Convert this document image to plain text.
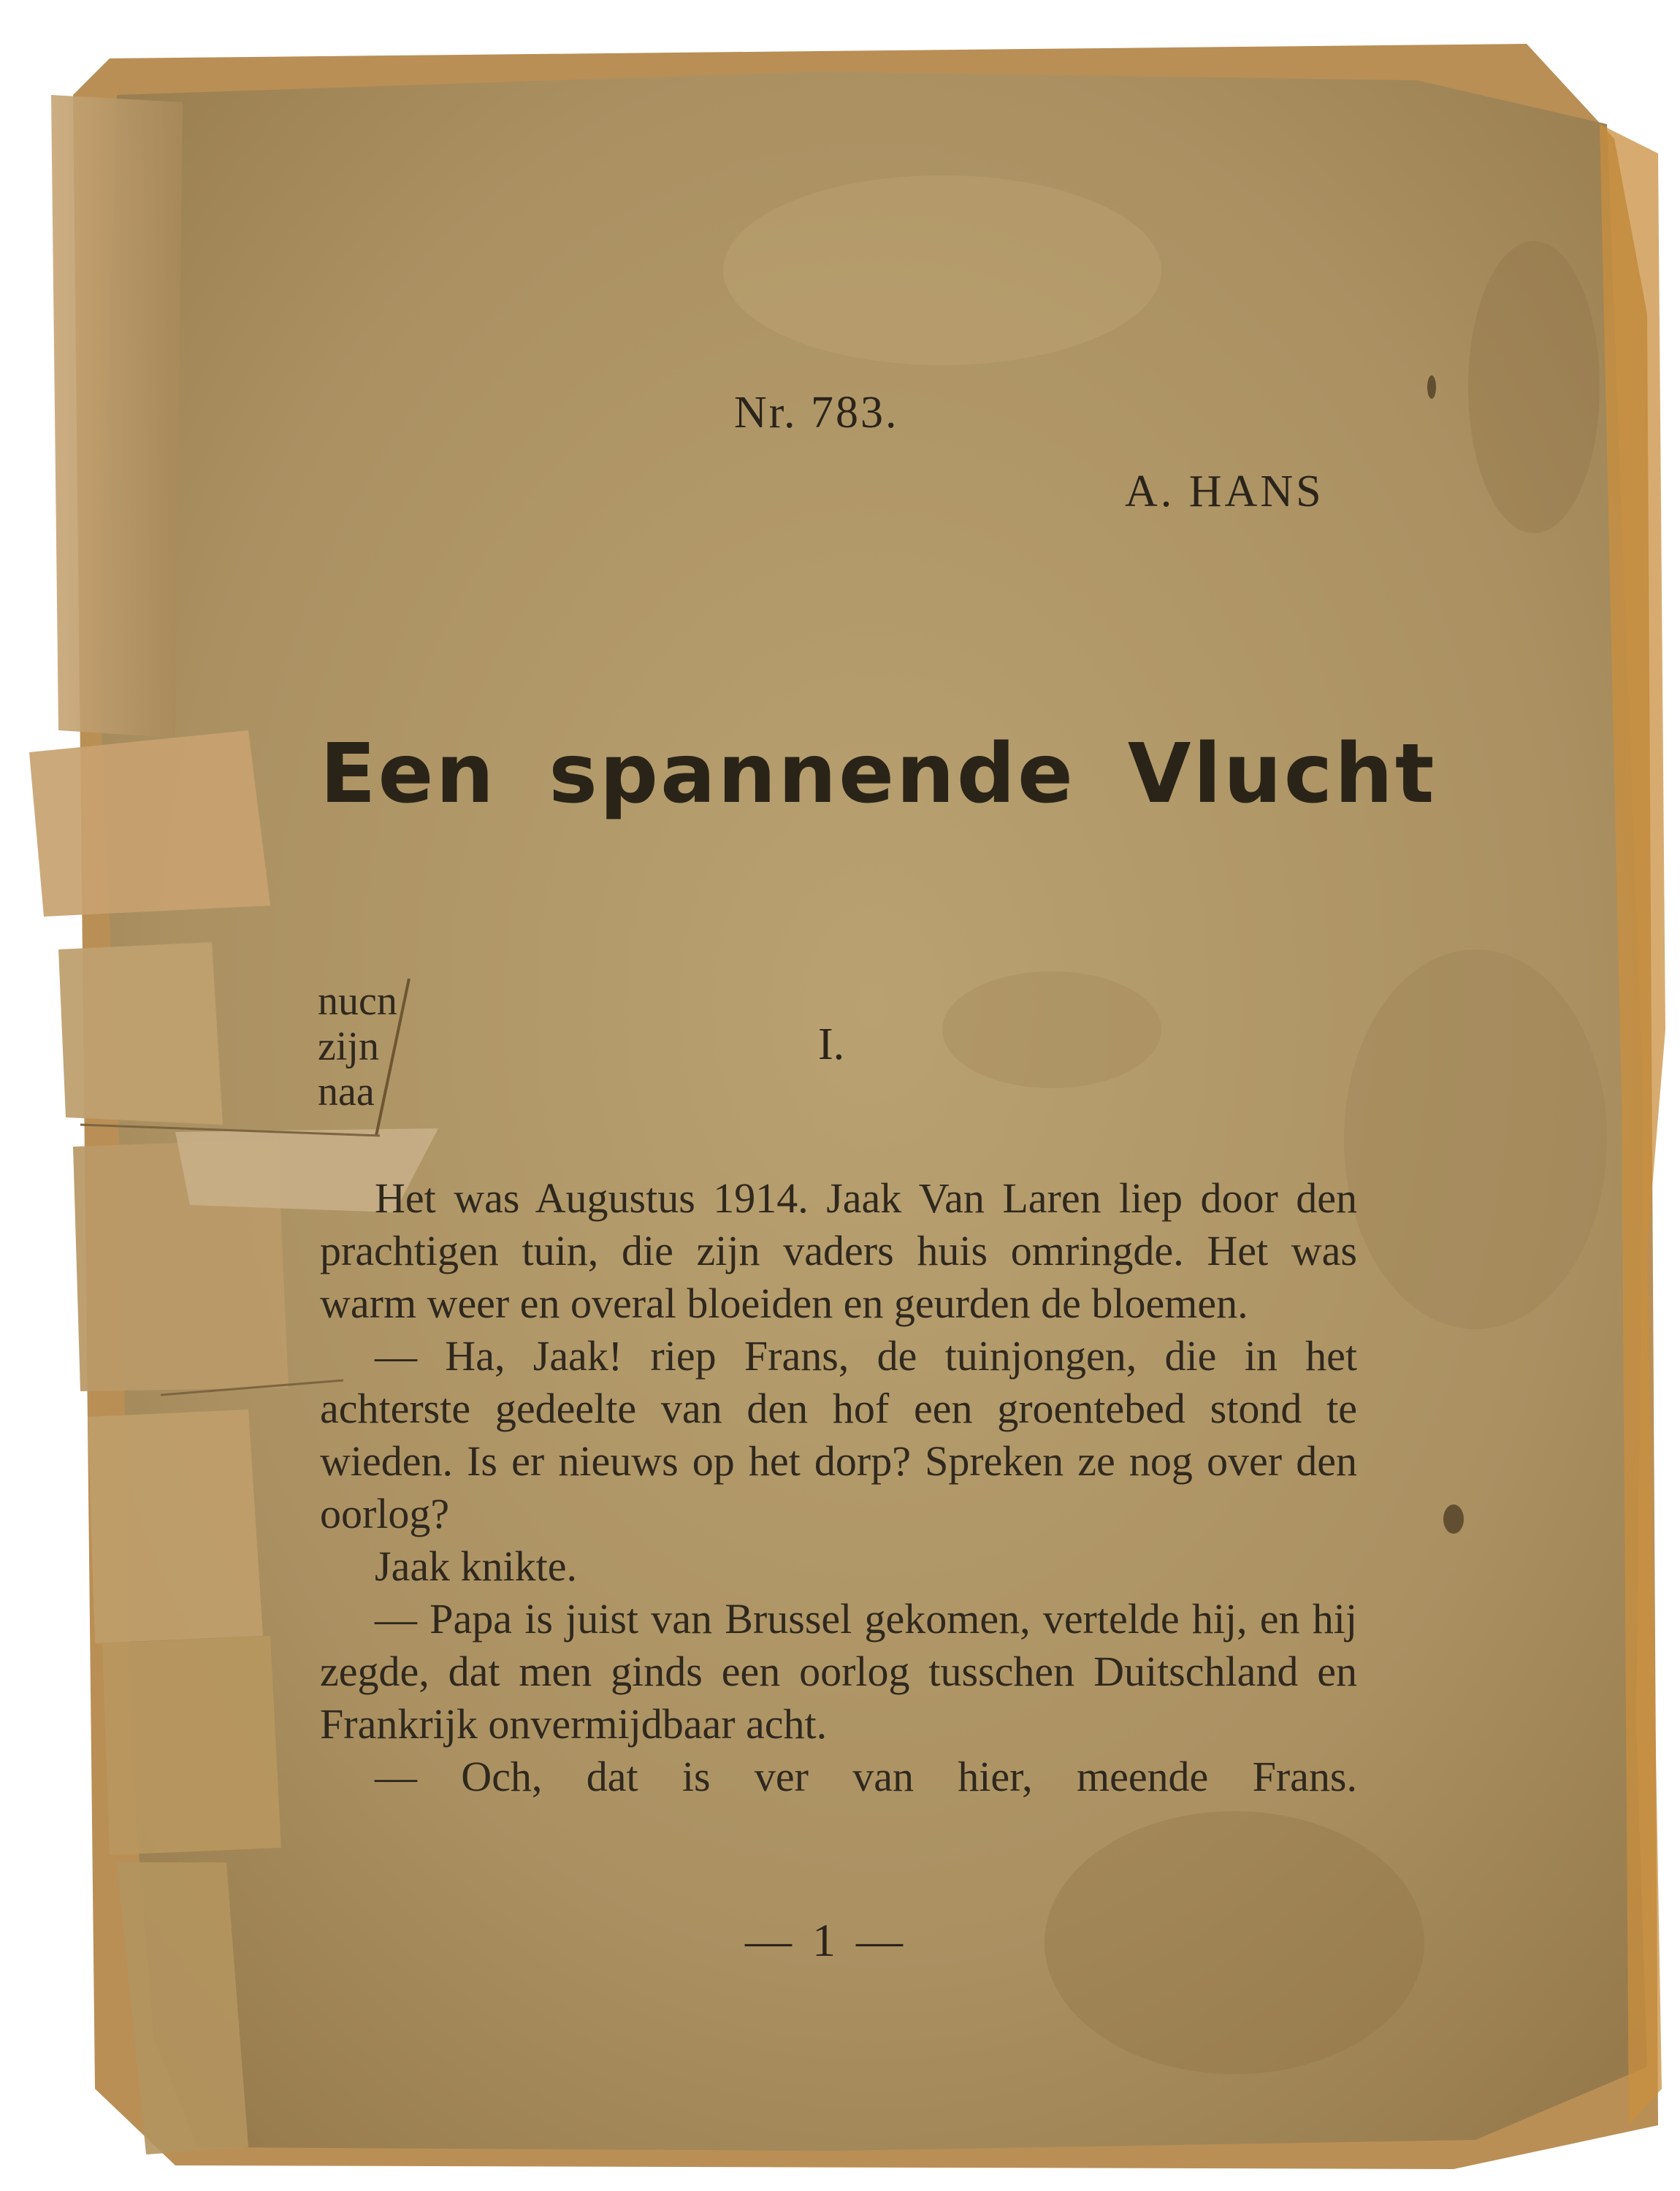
Nr. 783.
A. HANS
Een spannende Vlucht
nucn
zijn
naa
I.

Het was Augustus 1914. Jaak Van Laren liep door den prachtigen tuin, die zijn vaders huis omringde. Het was warm weer en overal bloeiden en geurden de bloemen.

— Ha, Jaak! riep Frans, de tuinjongen, die in het achterste gedeelte van den hof een groentebed stond te wieden. Is er nieuws op het dorp? Spreken ze nog over den oorlog?

Jaak knikte.

— Papa is juist van Brussel gekomen, vertelde hij, en hij zegde, dat men ginds een oorlog tusschen Duitschland en Frankrijk onvermijdbaar acht.

— Och, dat is ver van hier, meende Frans.

— 1 —
